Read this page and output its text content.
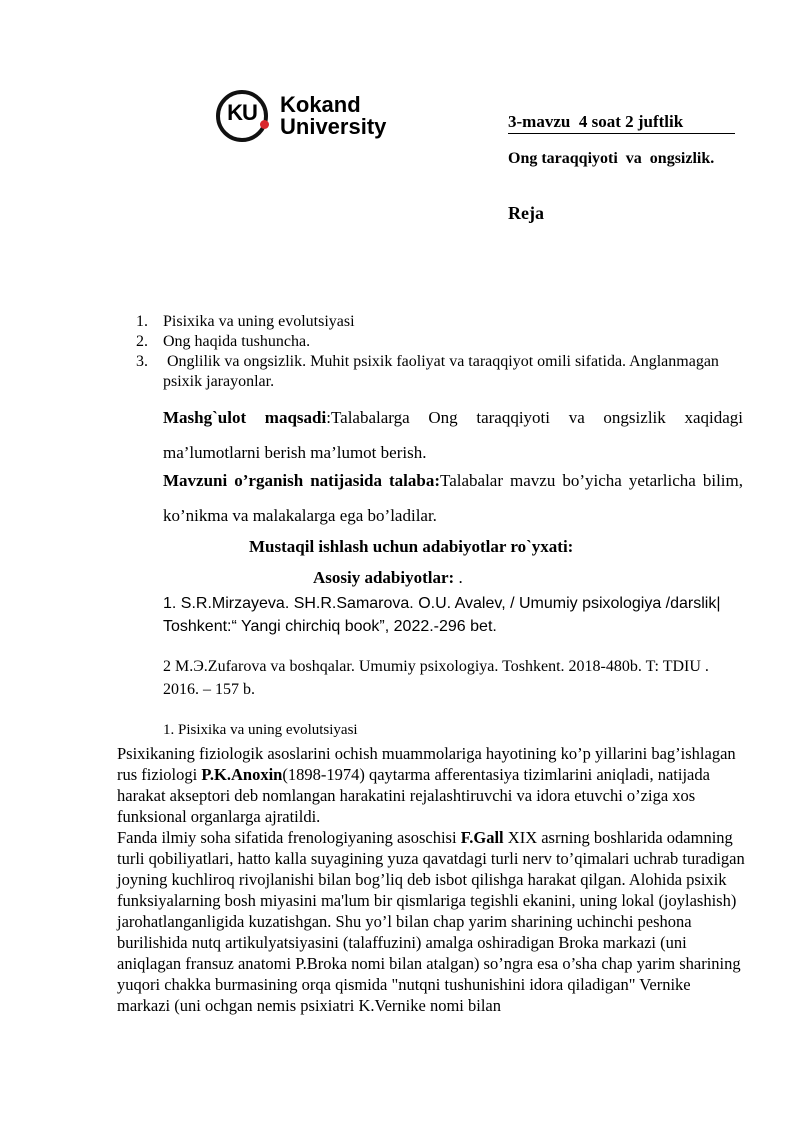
KU	Kokand
University	3-mavzu  4 soat 2 juftlik
Ong taraqqiyoti  va  ongsizlik.
Reja
1. Pisixika va uning evolutsiyasi
2. Ong haqida tushuncha.
3. Onglilik va ongsizlik. Muhit psixik faoliyat va taraqqiyot omili sifatida. Anglanmagan psixik jarayonlar.
Mashg`ulot maqsadi:Talabalarga Ong taraqqiyoti va ongsizlik xaqidagi ma’lumotlarni berish ma’lumot berish.
Mavzuni o’rganish natijasida talaba:Talabalar mavzu bo’yicha yetarlicha bilim, ko’nikma va malakalarga ega bo’ladilar.
Mustaqil ishlash uchun adabiyotlar ro`yxati:
Asosiy adabiyotlar: .
1. S.R.Mirzayeva. SH.R.Samarova. O.U. Avalev, / Umumiy psixologiya /darslik| Toshkent:“ Yangi chirchiq book”, 2022.-296 bet.
2 М.Э.Zufarova va boshqalar. Umumiy psixologiya. Toshkent. 2018-480b. T: TDIU . 2016. – 157 b.
1. Pisixika va uning evolutsiyasi

Psixikaning fiziologik asoslarini ochish muammolariga hayotining ko’p yillarini bag’ishlagan rus fiziologi P.K.Anoxin(1898-1974) qaytarma afferentasiya tizimlarini aniqladi, natijada harakat akseptori deb nomlangan harakatini rejalashtiruvchi va idora etuvchi o’ziga xos funksional organlarga ajratildi.

Fanda ilmiy soha sifatida frenologiyaning asoschisi F.Gall XIX asrning boshlarida odamning turli qobiliyatlari, hatto kalla suyagining yuza qavatdagi turli nerv to’qimalari uchrab turadigan joyning kuchliroq rivojlanishi bilan bog’liq deb isbot qilishga harakat qilgan. Alohida psixik funksiyalarning bosh miyasini ma'lum bir qismlariga tegishli ekanini, uning lokal (joylashish) jarohatlanganligida kuzatishgan. Shu yo’l bilan chap yarim sharining uchinchi peshona burilishida nutq artikulyatsiyasini (talaffuzini) amalga oshiradigan Broka markazi (uni aniqlagan fransuz anatomi P.Broka nomi bilan atalgan) so’ngra esa o’sha chap yarim sharining yuqori chakka burmasining orqa qismida "nutqni tushunishini idora qiladigan" Vernike markazi (uni ochgan nemis psixiatri K.Vernike nomi bilan
